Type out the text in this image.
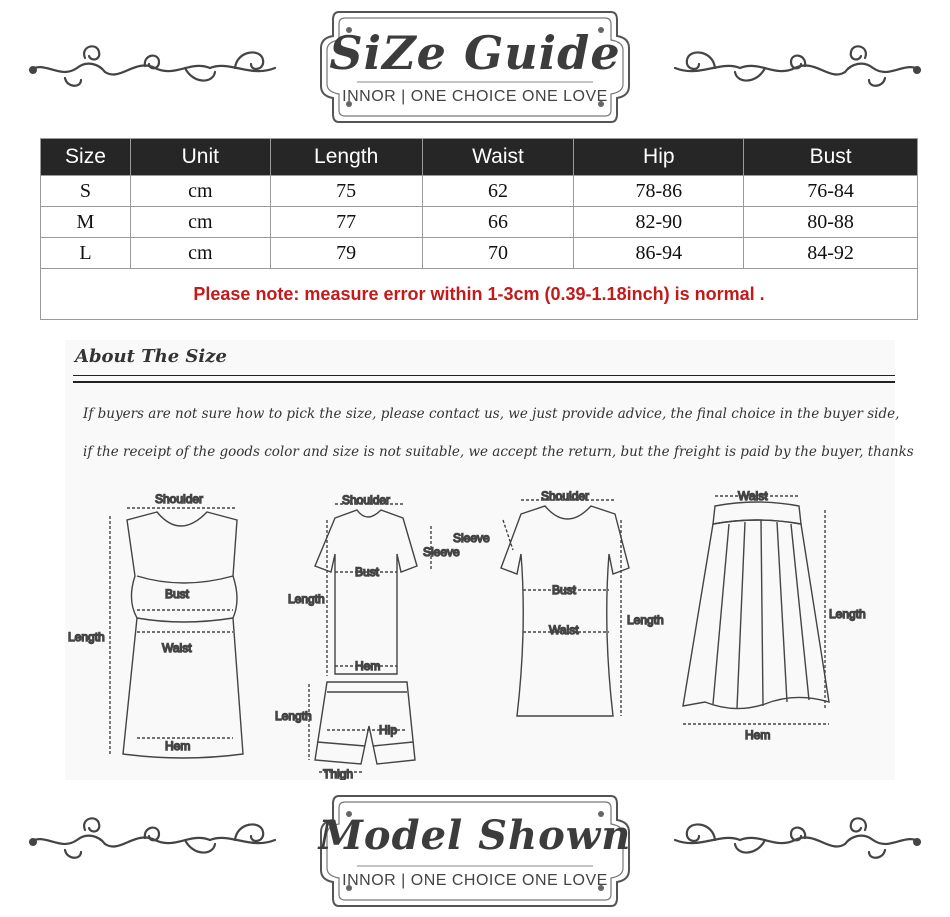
SiZe Guide
INNOR | ONE CHOICE ONE LOVE
Size	Unit	Length	Waist	Hip	Bust
S	cm	75	62	78-86	76-84
M	cm	77	66	82-90	80-88
L	cm	79	70	86-94	84-92
Please note: measure error within 1-3cm (0.39-1.18inch) is normal .					
About The Size
If buyers are not sure how to pick the size, please contact us, we just provide advice, the final choice in the buyer side,
if the receipt of the goods color and size is not suitable, we accept the return, but the freight is paid by the buyer, thanks
Shoulder
Bust
Waist
Length
Hem
Shoulder
Sleeve
Bust
Length
Hem
Length
Hip
Thigh
Shoulder
Sleeve
Bust
Waist
Length
Waist
Length
Hem
Model Shown
INNOR | ONE CHOICE ONE LOVE
